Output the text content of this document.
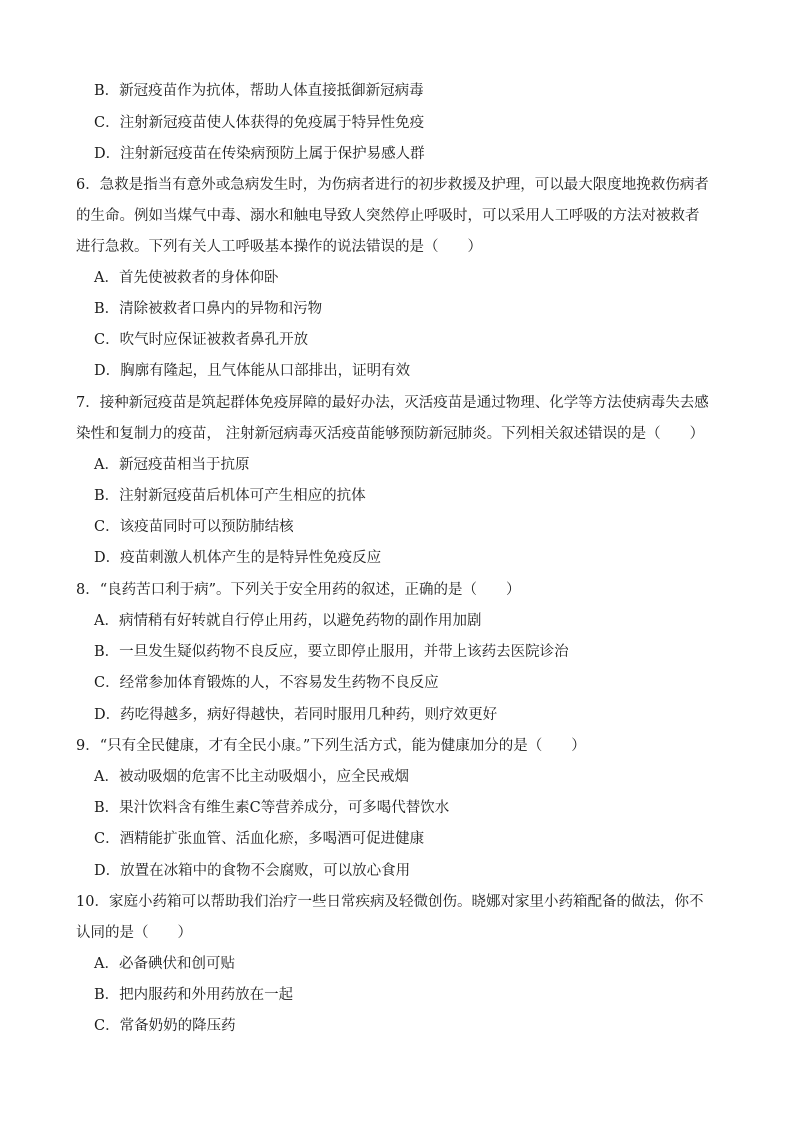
B．新冠疫苗作为抗体，帮助人体直接抵御新冠病毒
C．注射新冠疫苗使人体获得的免疫属于特异性免疫
D．注射新冠疫苗在传染病预防上属于保护易感人群
6．急救是指当有意外或急病发生时，为伤病者进行的初步救援及护理，可以最大限度地挽救伤病者
的生命。例如当煤气中毒、溺水和触电导致人突然停止呼吸时，可以采用人工呼吸的方法对被救者
进行急救。下列有关人工呼吸基本操作的说法错误的是（　　）
A．首先使被救者的身体仰卧
B．清除被救者口鼻内的异物和污物
C．吹气时应保证被救者鼻孔开放
D．胸廓有隆起，且气体能从口部排出，证明有效
7．接种新冠疫苗是筑起群体免疫屏障的最好办法，灭活疫苗是通过物理、化学等方法使病毒失去感
染性和复制力的疫苗， 注射新冠病毒灭活疫苗能够预防新冠肺炎。下列相关叙述错误的是（　　）
A．新冠疫苗相当于抗原
B．注射新冠疫苗后机体可产生相应的抗体
C．该疫苗同时可以预防肺结核
D．疫苗刺激人机体产生的是特异性免疫反应
8．“良药苦口利于病”。下列关于安全用药的叙述，正确的是（　　）
A．病情稍有好转就自行停止用药，以避免药物的副作用加剧
B．一旦发生疑似药物不良反应，要立即停止服用，并带上该药去医院诊治
C．经常参加体育锻炼的人，不容易发生药物不良反应
D．药吃得越多，病好得越快，若同时服用几种药，则疗效更好
9．“只有全民健康，才有全民小康。”下列生活方式，能为健康加分的是（　　）
A．被动吸烟的危害不比主动吸烟小，应全民戒烟
B．果汁饮料含有维生素C等营养成分，可多喝代替饮水
C．酒精能扩张血管、活血化瘀，多喝酒可促进健康
D．放置在冰箱中的食物不会腐败，可以放心食用
10．家庭小药箱可以帮助我们治疗一些日常疾病及轻微创伤。晓娜对家里小药箱配备的做法，你不
认同的是（　　）
A．必备碘伏和创可贴
B．把内服药和外用药放在一起
C．常备奶奶的降压药
